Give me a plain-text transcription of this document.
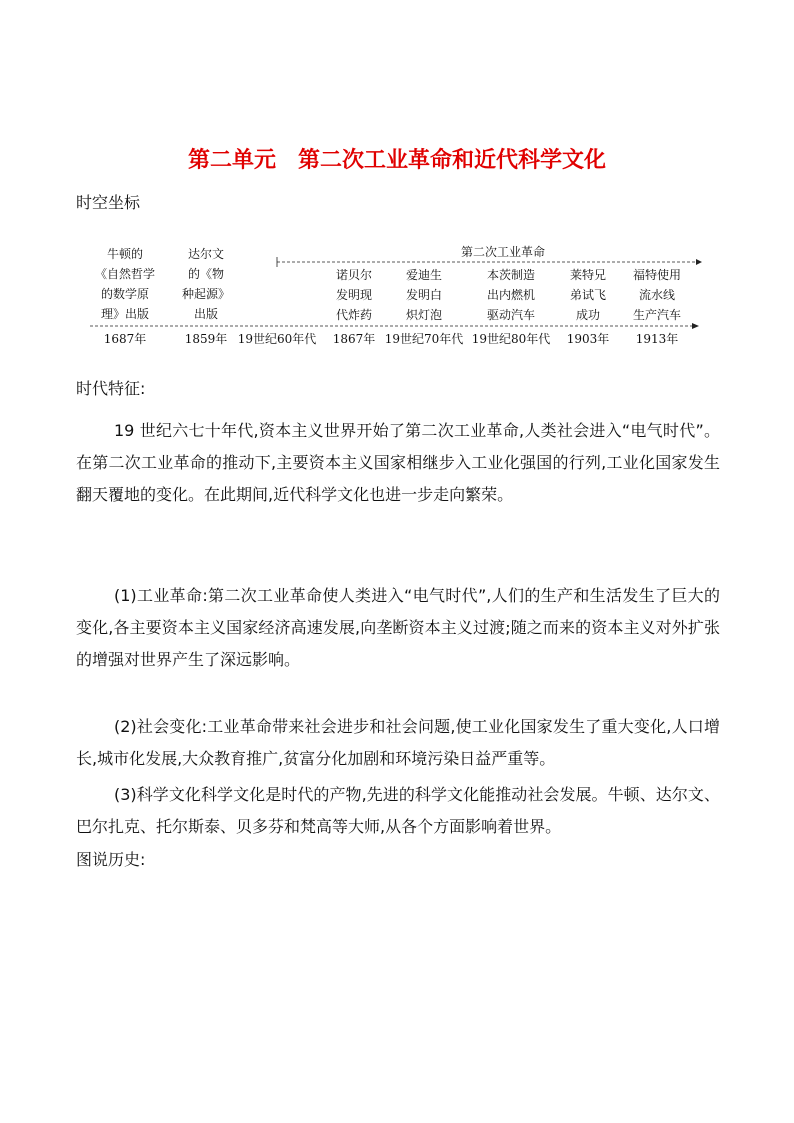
第二单元　第二次工业革命和近代科学文化
时空坐标
第二次工业革命
牛顿的
《自然哲学
的数学原
理》出版
1687年
达尔文
的《物
种起源》
出版
1859年 19世纪60年代
诺贝尔
发明现
代炸药
1867年
爱迪生
发明白
炽灯泡
19世纪70年代
本茨制造
出内燃机
驱动汽车
19世纪80年代
莱特兄
弟试飞
成功
1903年
福特使用
流水线
生产汽车
1913年
时代特征:

19 世纪六七十年代,资本主义世界开始了第二次工业革命,人类社会进入“电气时代”。在第二次工业革命的推动下,主要资本主义国家相继步入工业化强国的行列,工业化国家发生翻天覆地的变化。在此期间,近代科学文化也进一步走向繁荣。

(1)工业革命:第二次工业革命使人类进入“电气时代”,人们的生产和生活发生了巨大的变化,各主要资本主义国家经济高速发展,向垄断资本主义过渡;随之而来的资本主义对外扩张的增强对世界产生了深远影响。

(2)社会变化:工业革命带来社会进步和社会问题,使工业化国家发生了重大变化,人口增长,城市化发展,大众教育推广,贫富分化加剧和环境污染日益严重等。

(3)科学文化科学文化是时代的产物,先进的科学文化能推动社会发展。牛顿、达尔文、巴尔扎克、托尔斯泰、贝多芬和梵高等大师,从各个方面影响着世界。

图说历史:
